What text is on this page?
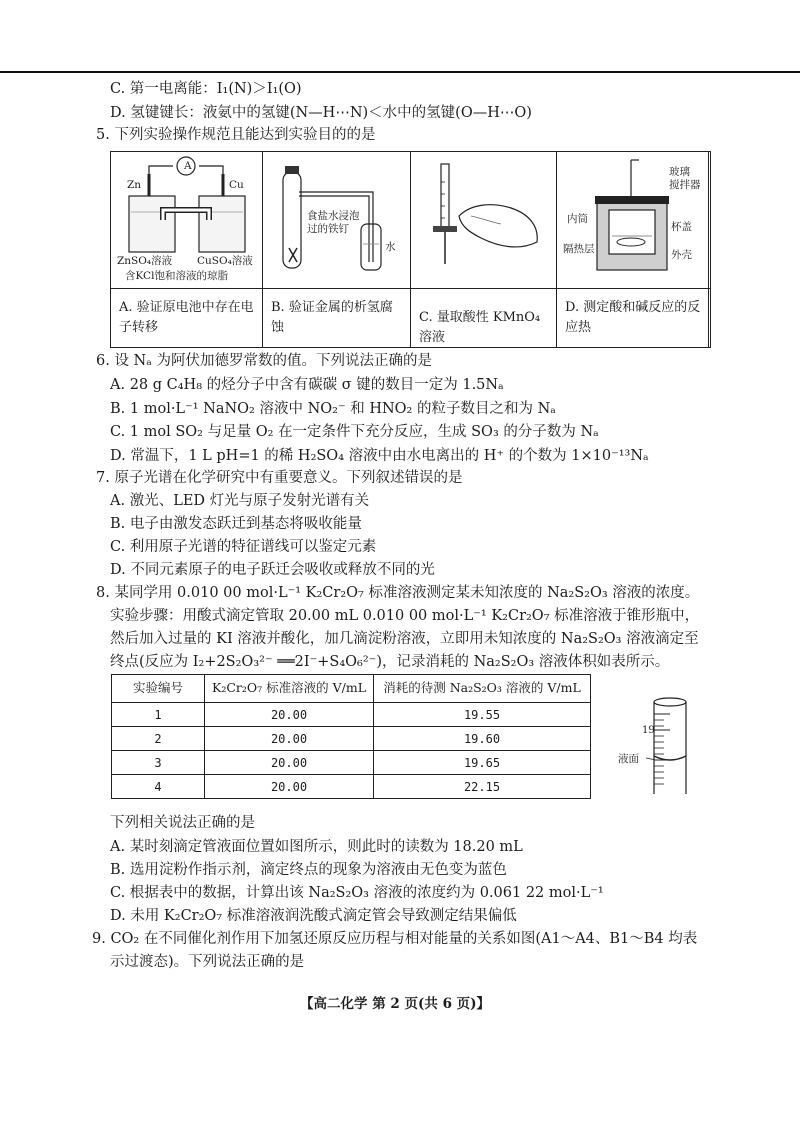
C. 第一电离能：I₁(N)＞I₁(O)
D. 氢键键长：液氨中的氢键(N—H⋯N)＜水中的氢键(O—H⋯O)
5. 下列实验操作规范且能达到实验目的的是
A
Zn	Cu
ZnSO₄溶液 CuSO₄溶液
含KCl饱和溶液的琼脂
A. 验证原电池中存在电子转移
食盐水浸泡
过的铁钉
水
B. 验证金属的析氢腐蚀
C. 量取酸性 KMnO₄ 溶液
玻璃
搅拌器
内筒
杯盖
隔热层	外壳
D. 测定酸和碱反应的反应热
6. 设 Nₐ 为阿伏加德罗常数的值。下列说法正确的是
A. 28 g C₄H₈ 的烃分子中含有碳碳 σ 键的数目一定为 1.5Nₐ
B. 1 mol·L⁻¹ NaNO₂ 溶液中 NO₂⁻ 和 HNO₂ 的粒子数目之和为 Nₐ
C. 1 mol SO₂ 与足量 O₂ 在一定条件下充分反应，生成 SO₃ 的分子数为 Nₐ
D. 常温下，1 L pH=1 的稀 H₂SO₄ 溶液中由水电离出的 H⁺ 的个数为 1×10⁻¹³Nₐ
7. 原子光谱在化学研究中有重要意义。下列叙述错误的是
A. 激光、LED 灯光与原子发射光谱有关
B. 电子由激发态跃迁到基态将吸收能量
C. 利用原子光谱的特征谱线可以鉴定元素
D. 不同元素原子的电子跃迁会吸收或释放不同的光
8. 某同学用 0.010 00 mol·L⁻¹ K₂Cr₂O₇ 标准溶液测定某未知浓度的 Na₂S₂O₃ 溶液的浓度。
实验步骤：用酸式滴定管取 20.00 mL 0.010 00 mol·L⁻¹ K₂Cr₂O₇ 标准溶液于锥形瓶中，
然后加入过量的 KI 溶液并酸化，加几滴淀粉溶液，立即用未知浓度的 Na₂S₂O₃ 溶液滴定至
终点(反应为 I₂+2S₂O₃²⁻ ══2I⁻+S₄O₆²⁻)，记录消耗的 Na₂S₂O₃ 溶液体积如表所示。
实验编号	K₂Cr₂O₇ 标准溶液的 V/mL	消耗的待测 Na₂S₂O₃ 溶液的 V/mL
1	20.00	19.55
2	20.00	19.60
3	20.00	19.65
4	20.00	22.15
19
液面
下列相关说法正确的是
A. 某时刻滴定管液面位置如图所示，则此时的读数为 18.20 mL
B. 选用淀粉作指示剂，滴定终点的现象为溶液由无色变为蓝色
C. 根据表中的数据，计算出该 Na₂S₂O₃ 溶液的浓度约为 0.061 22 mol·L⁻¹
D. 未用 K₂Cr₂O₇ 标准溶液润洗酸式滴定管会导致测定结果偏低
9. CO₂ 在不同催化剂作用下加氢还原反应历程与相对能量的关系如图(A1～A4、B1～B4 均表
示过渡态)。下列说法正确的是
【高二化学 第 2 页(共 6 页)】
